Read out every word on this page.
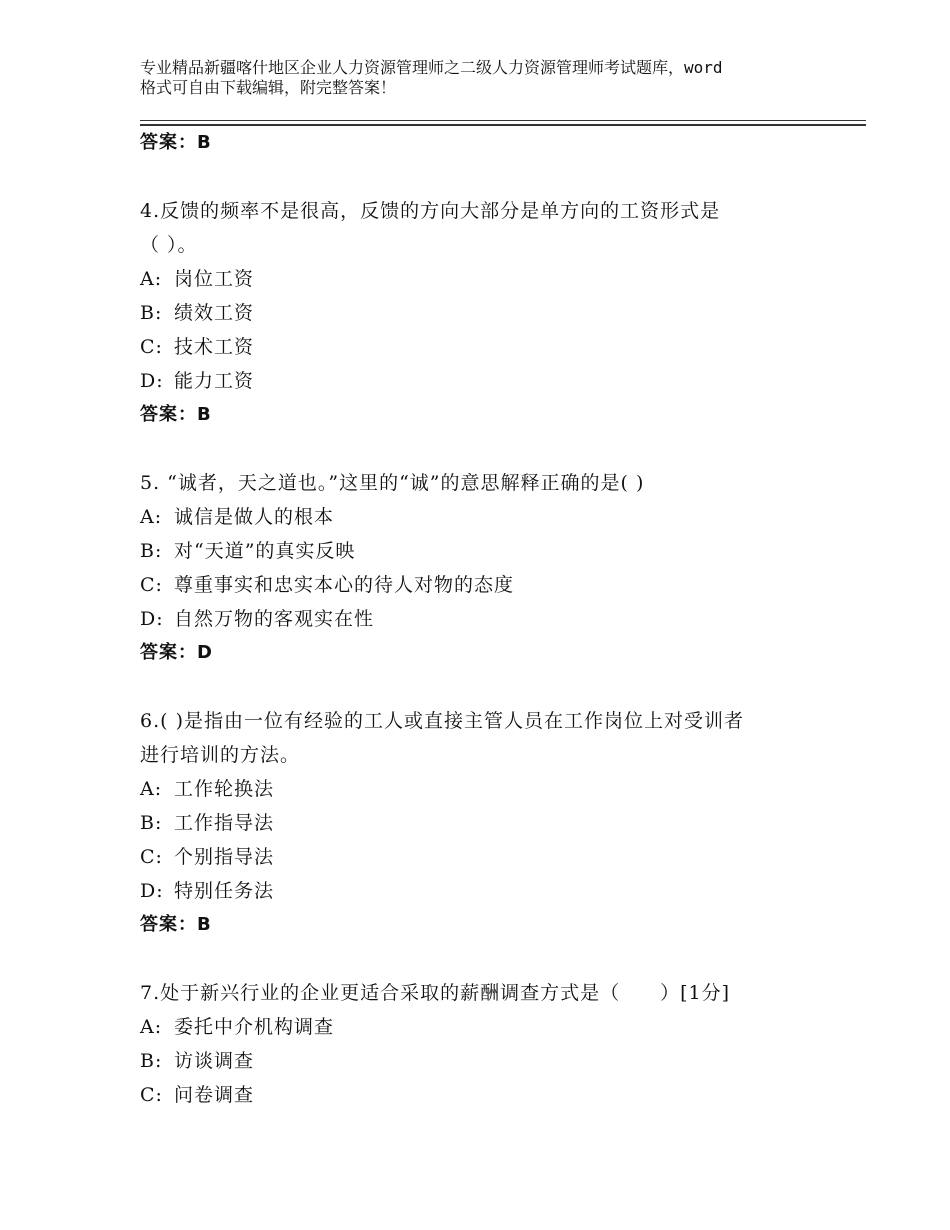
专业精品新疆喀什地区企业人力资源管理师之二级人力资源管理师考试题库，word
格式可自由下载编辑，附完整答案！
答案：B
4.反馈的频率不是很高，反馈的方向大部分是单方向的工资形式是
（ ）。
A: 岗位工资
B: 绩效工资
C: 技术工资
D: 能力工资
答案：B
5. “诚者，天之道也。”这里的“诚”的意思解释正确的是( )
A: 诚信是做人的根本
B: 对“天道”的真实反映
C: 尊重事实和忠实本心的待人对物的态度
D: 自然万物的客观实在性
答案：D
6.( )是指由一位有经验的工人或直接主管人员在工作岗位上对受训者
进行培训的方法。
A: 工作轮换法
B: 工作指导法
C: 个别指导法
D: 特别任务法
答案：B
7.处于新兴行业的企业更适合采取的薪酬调查方式是（　　）[1分]
A: 委托中介机构调查
B: 访谈调查
C: 问卷调查
